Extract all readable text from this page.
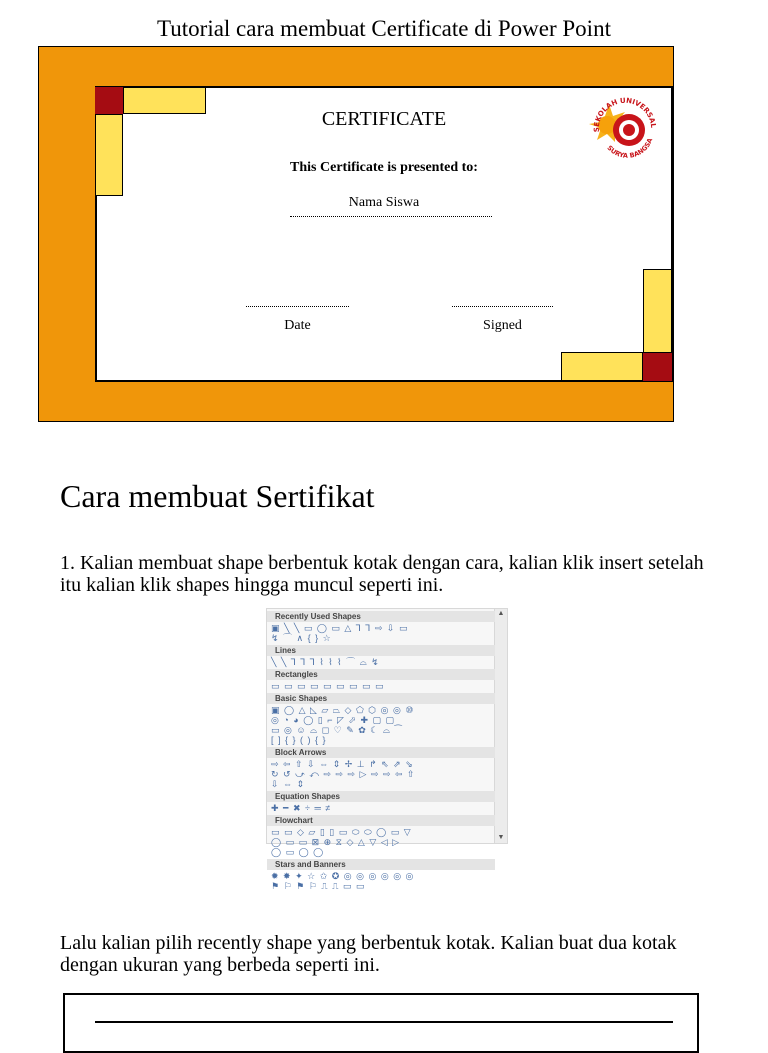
Tutorial cara membuat Certificate di Power Point
CERTIFICATE
This Certificate is presented to:
Nama Siswa
Date	Signed
SEKOLAH UNIVERSAL
SURYA BANGSA
Cara membuat Sertifikat
1. Kalian membuat shape berbentuk kotak dengan cara, kalian klik insert setelah itu kalian klik shapes hingga muncul seperti ini.
▲
▼
Recently Used Shapes
▣ ╲ ╲ ▭ ◯ ▭ △ ⅂ ⅂ ⇨ ⇩ ▭
↯ ⌒ ∧ { } ☆
Lines
╲ ╲ ⅂ ⅂ ⅂ ⌇ ⌇ ⌇ ⌒ ⌓ ↯
Rectangles
▭ ▭ ▭ ▭ ▭ ▭ ▭ ▭ ▭
Basic Shapes
▣ ◯ △ ◺ ▱ ⏢ ◇ ⬠ ⬡ ◎ ◎ ⑩
◎ ◔ ◕ ◯ ▯ ⌐ ◸ ⬀ ✚ ▢ ▢
▭ ◎ ☺ ⌓ ◻ ♡ ✎ ✿ ☾ ⌓ ⁀
[ ] { } ( ) { }
Block Arrows
⇨ ⇦ ⇧ ⇩ ⇔ ⇕ ✢ ⊥ ↱ ⇖ ⇗ ⇘
↻ ↺ ⤻ ⤺ ⇨ ⇨ ⇨ ▷ ⇨ ⇨ ⇦ ⇧
⇩ ⇔ ⇕
Equation Shapes
✚ ━ ✖ ÷ ═ ≠
Flowchart
▭ ▭ ◇ ▱ ▯ ▯ ▭ ⬭ ⬭ ◯ ▭ ▽
◯ ▭ ▭ ⊠ ⊕ ⧖ ◇ △ ▽ ◁ ▷
◯ ▭ ◯ ◯
Stars and Banners
✹ ✸ ✦ ☆ ✩ ✪ ◎ ◎ ◎ ◎ ◎ ◎
⚑ ⚐ ⚑ ⚐ ⎍ ⎍ ▭ ▭
Lalu kalian pilih recently shape yang berbentuk kotak. Kalian buat dua kotak dengan ukuran yang berbeda seperti ini.
